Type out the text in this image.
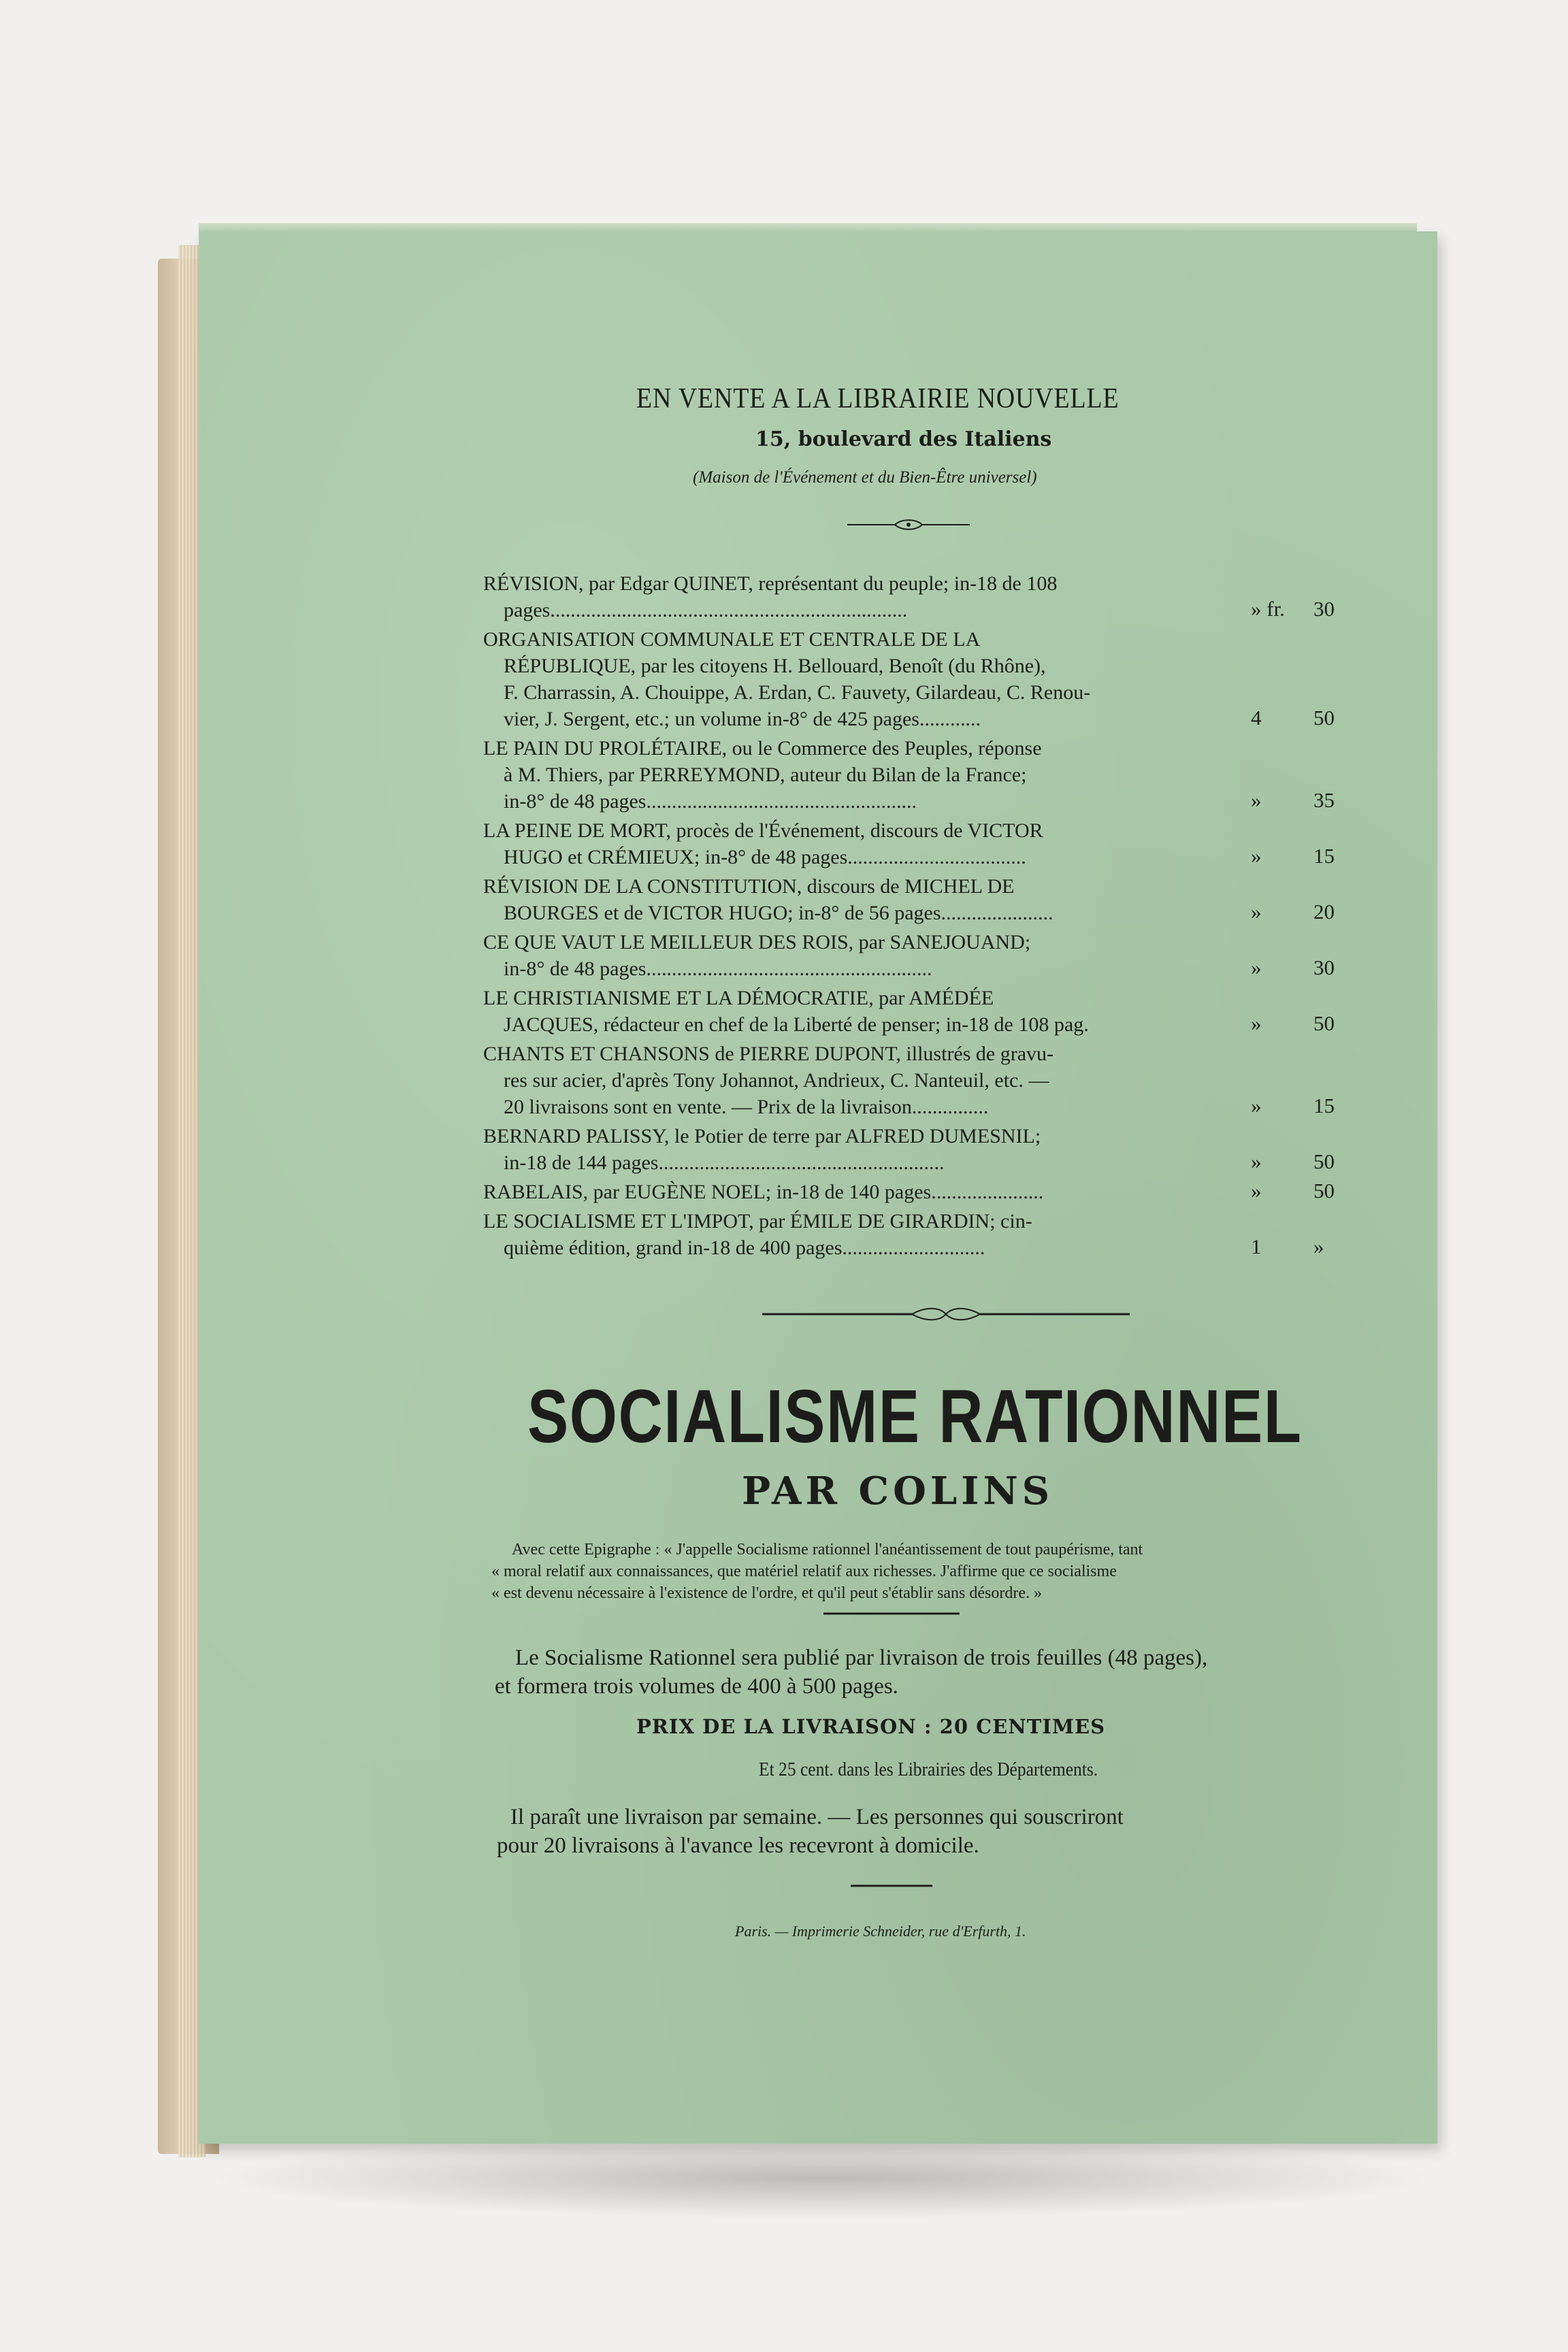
EN VENTE A LA LIBRAIRIE NOUVELLE
15, boulevard des Italiens
(Maison de l'Événement et du Bien-Être universel)
RÉVISION, par Edgar QUINET, représentant du peuple; in-18 de 108
pages......................................................................	» fr. 30
ORGANISATION COMMUNALE ET CENTRALE DE LA
RÉPUBLIQUE, par les citoyens H. Bellouard, Benoît (du Rhône),
F. Charrassin, A. Chouippe, A. Erdan, C. Fauvety, Gilardeau, C. Renou-
vier, J. Sergent, etc.; un volume in-8° de 425 pages............	4 50
LE PAIN DU PROLÉTAIRE, ou le Commerce des Peuples, réponse
à M. Thiers, par PERREYMOND, auteur du Bilan de la France;
in-8° de 48 pages.....................................................	» 35
LA PEINE DE MORT, procès de l'Événement, discours de VICTOR
HUGO et CRÉMIEUX; in-8° de 48 pages...................................	» 15
RÉVISION DE LA CONSTITUTION, discours de MICHEL DE
BOURGES et de VICTOR HUGO; in-8° de 56 pages......................	» 20
CE QUE VAUT LE MEILLEUR DES ROIS, par SANEJOUAND;
in-8° de 48 pages........................................................	» 30
LE CHRISTIANISME ET LA DÉMOCRATIE, par AMÉDÉE
JACQUES, rédacteur en chef de la Liberté de penser; in-18 de 108 pag.	» 50
CHANTS ET CHANSONS de PIERRE DUPONT, illustrés de gravu-
res sur acier, d'après Tony Johannot, Andrieux, C. Nanteuil, etc. —
20 livraisons sont en vente. — Prix de la livraison...............	» 15
BERNARD PALISSY, le Potier de terre par ALFRED DUMESNIL;
in-18 de 144 pages........................................................	» 50
RABELAIS, par EUGÈNE NOEL; in-18 de 140 pages......................	» 50
LE SOCIALISME ET L'IMPOT, par ÉMILE DE GIRARDIN; cin-
quième édition, grand in-18 de 400 pages............................	1 »
SOCIALISME RATIONNEL
PAR COLINS
Avec cette Epigraphe : « J'appelle Socialisme rationnel l'anéantissement de tout paupérisme, tant
« moral relatif aux connaissances, que matériel relatif aux richesses. J'affirme que ce socialisme
« est devenu nécessaire à l'existence de l'ordre, et qu'il peut s'établir sans désordre. »
Le Socialisme Rationnel sera publié par livraison de trois feuilles (48 pages),
et formera trois volumes de 400 à 500 pages.
PRIX DE LA LIVRAISON : 20 CENTIMES
Et 25 cent. dans les Librairies des Départements.
Il paraît une livraison par semaine. — Les personnes qui souscriront
pour 20 livraisons à l'avance les recevront à domicile.
Paris. — Imprimerie Schneider, rue d'Erfurth, 1.
